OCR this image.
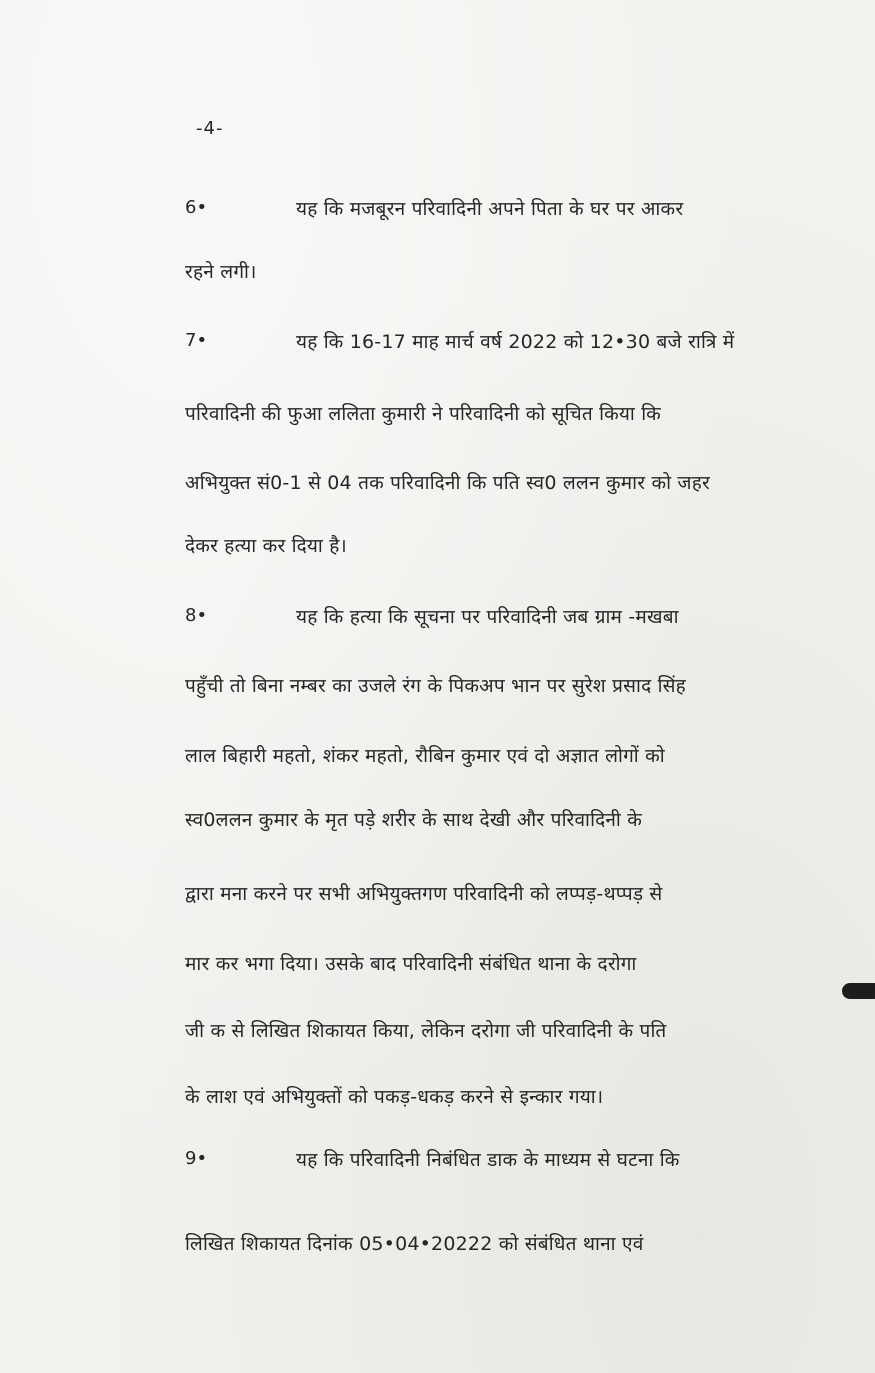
-4-
6•	यह कि मजबूरन परिवादिनी अपने पिता के घर पर आकर
रहने लगी।
7•	यह कि 16-17 माह मार्च वर्ष 2022 को 12•30 बजे रात्रि में
परिवादिनी की फुआ ललिता कुमारी ने परिवादिनी को सूचित किया कि
अभियुक्त सं0-1 से 04 तक परिवादिनी कि पति स्व0 ललन कुमार को जहर
देकर हत्या कर दिया है।
8•	यह कि हत्या कि सूचना पर परिवादिनी जब ग्राम -मखबा
पहुँची तो बिना नम्बर का उजले रंग के पिकअप भान पर सुरेश प्रसाद सिंह
लाल बिहारी महतो, शंकर महतो, रौबिन कुमार एवं दो अज्ञात लोगों को
स्व0ललन कुमार के मृत पड़े शरीर के साथ देखी और परिवादिनी के
द्वारा मना करने पर सभी अभियुक्तगण परिवादिनी को लप्पड़-थप्पड़ से
मार कर भगा दिया। उसके बाद परिवादिनी संबंधित थाना के दरोगा
जी क से लिखित शिकायत किया, लेकिन दरोगा जी परिवादिनी के पति
के लाश एवं अभियुक्तों को पकड़-धकड़ करने से इन्कार गया।
9•	यह कि परिवादिनी निबंधित डाक के माध्यम से घटना कि
लिखित शिकायत दिनांक 05•04•20222 को संबंधित थाना एवं
